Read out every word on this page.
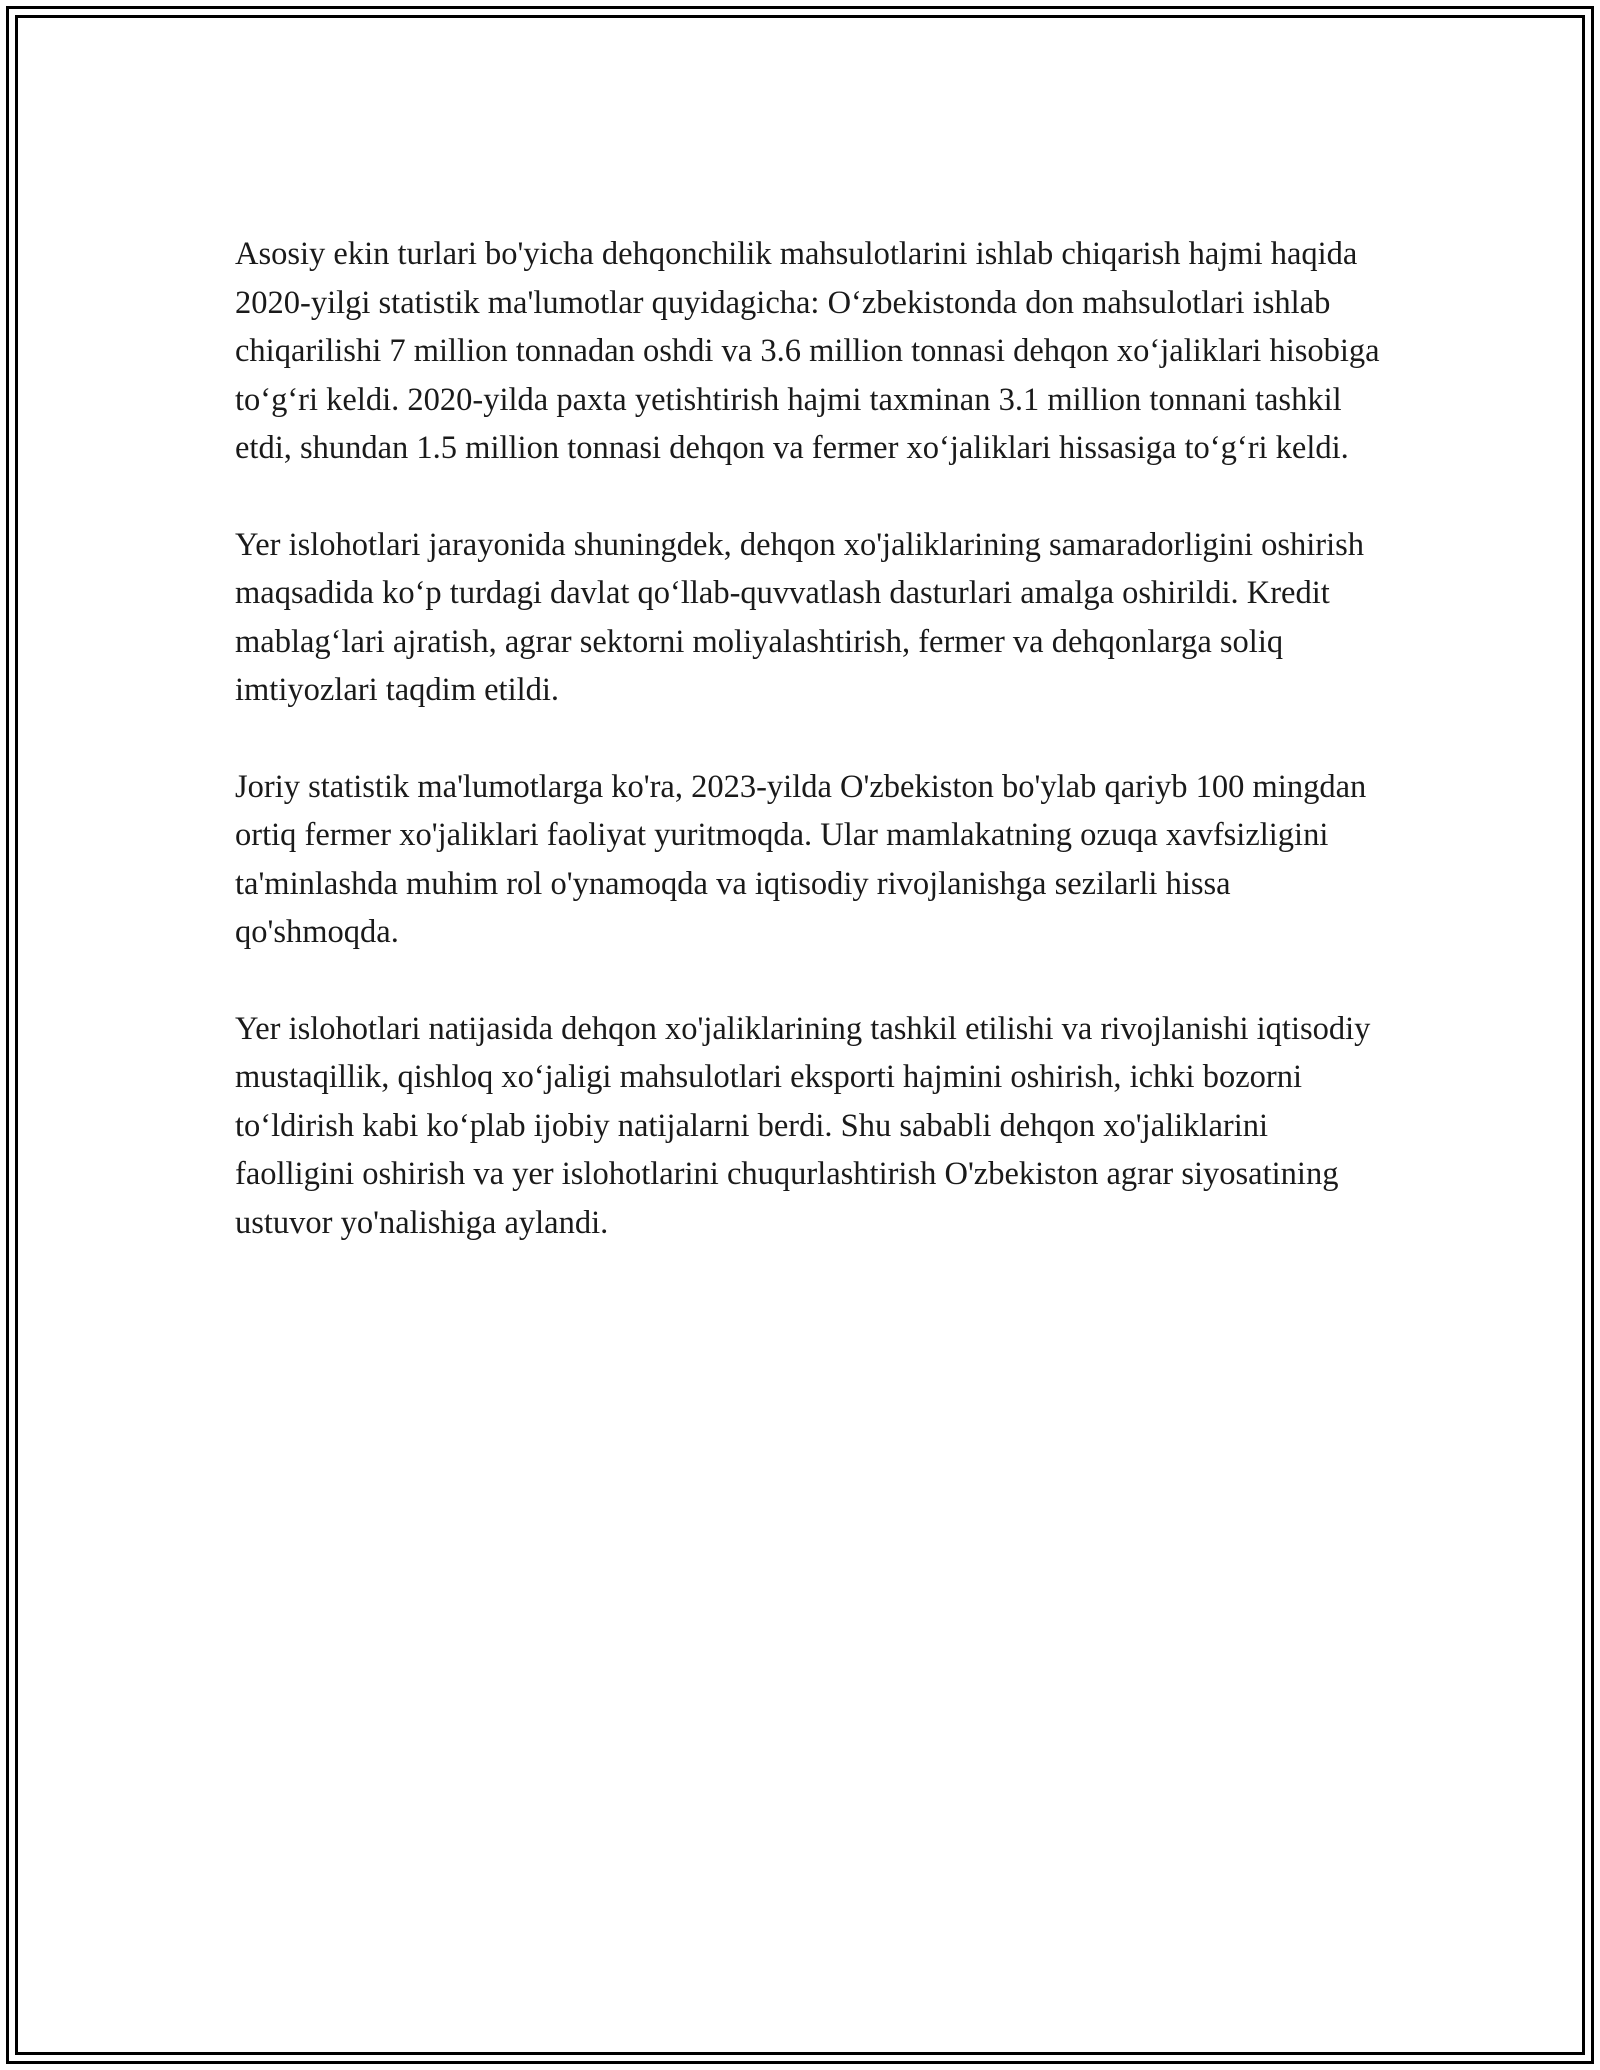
Asosiy ekin turlari bo'yicha dehqonchilik mahsulotlarini ishlab chiqarish hajmi haqida 2020-yilgi statistik ma'lumotlar quyidagicha: O‘zbekistonda don mahsulotlari ishlab chiqarilishi 7 million tonnadan oshdi va 3.6 million tonnasi dehqon xo‘jaliklari hisobiga to‘g‘ri keldi. 2020-yilda paxta yetishtirish hajmi taxminan 3.1 million tonnani tashkil etdi, shundan 1.5 million tonnasi dehqon va fermer xo‘jaliklari hissasiga to‘g‘ri keldi.

Yer islohotlari jarayonida shuningdek, dehqon xo'jaliklarining samaradorligini oshirish maqsadida ko‘p turdagi davlat qo‘llab-quvvatlash dasturlari amalga oshirildi. Kredit mablag‘lari ajratish, agrar sektorni moliyalashtirish, fermer va dehqonlarga soliq imtiyozlari taqdim etildi.

Joriy statistik ma'lumotlarga ko'ra, 2023-yilda O'zbekiston bo'ylab qariyb 100 mingdan ortiq fermer xo'jaliklari faoliyat yuritmoqda. Ular mamlakatning ozuqa xavfsizligini ta'minlashda muhim rol o'ynamoqda va iqtisodiy rivojlanishga sezilarli hissa qo'shmoqda.

Yer islohotlari natijasida dehqon xo'jaliklarining tashkil etilishi va rivojlanishi iqtisodiy mustaqillik, qishloq xo‘jaligi mahsulotlari eksporti hajmini oshirish, ichki bozorni to‘ldirish kabi ko‘plab ijobiy natijalarni berdi. Shu sababli dehqon xo'jaliklarini faolligini oshirish va yer islohotlarini chuqurlashtirish O'zbekiston agrar siyosatining ustuvor yo'nalishiga aylandi.
